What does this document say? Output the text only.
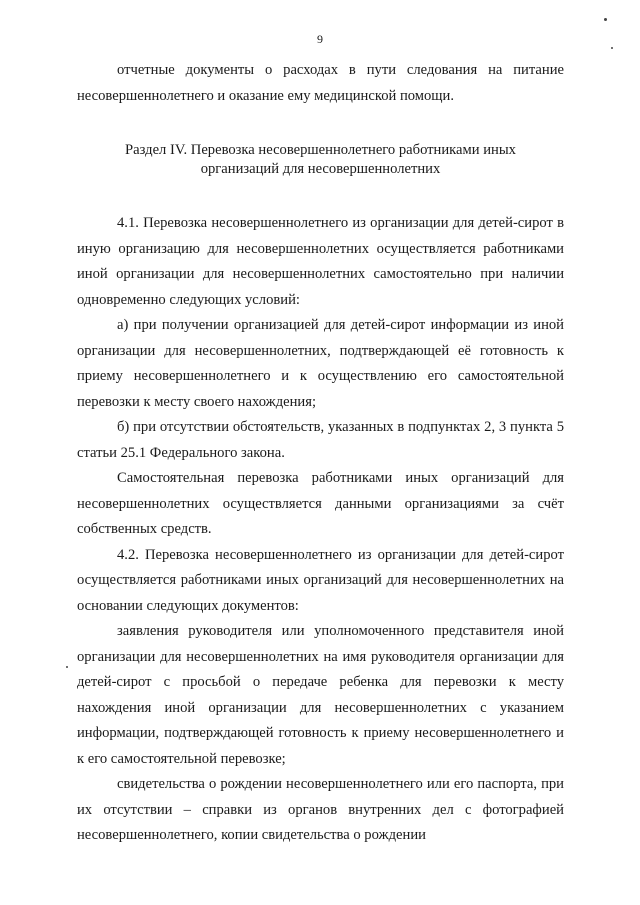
9

отчетные документы о расходах в пути следования на питание несовершеннолетнего и оказание ему медицинской помощи.

Раздел IV. Перевозка несовершеннолетнего работниками иных
организаций для несовершеннолетних

4.1. Перевозка несовершеннолетнего из организации для детей-сирот в иную организацию для несовершеннолетних осуществляется работниками иной организации для несовершеннолетних самостоятельно при наличии одновременно следующих условий:

а) при получении организацией для детей-сирот информации из иной организации для несовершеннолетних, подтверждающей её готовность к приему несовершеннолетнего и к осуществлению его самостоятельной перевозки к месту своего нахождения;

б) при отсутствии обстоятельств, указанных в подпунктах 2, 3 пункта 5 статьи 25.1 Федерального закона.

Самостоятельная перевозка работниками иных организаций для несовершеннолетних осуществляется данными организациями за счёт собственных средств.

4.2. Перевозка несовершеннолетнего из организации для детей-сирот осуществляется работниками иных организаций для несовершеннолетних на основании следующих документов:

заявления руководителя или уполномоченного представителя иной организации для несовершеннолетних на имя руководителя организации для детей-сирот с просьбой о передаче ребенка для перевозки к месту нахождения иной организации для несовершеннолетних с указанием информации, подтверждающей готовность к приему несовершеннолетнего и к его самостоятельной перевозке;

свидетельства о рождении несовершеннолетнего или его паспорта, при их отсутствии – справки из органов внутренних дел с фотографией несовершеннолетнего, копии свидетельства о рождении
